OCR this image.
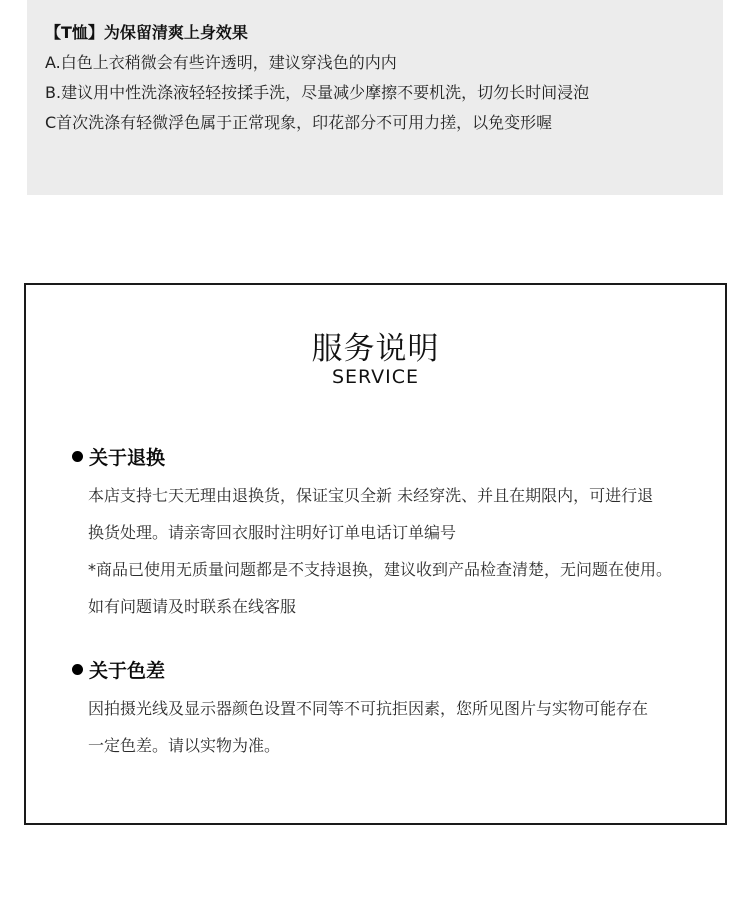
【T恤】为保留清爽上身效果
A.白色上衣稍微会有些许透明，建议穿浅色的内内
B.建议用中性洗涤液轻轻按揉手洗，尽量减少摩擦不要机洗，切勿长时间浸泡
C首次洗涤有轻微浮色属于正常现象，印花部分不可用力搓，以免变形喔
服务说明
SERVICE
关于退换
本店支持七天无理由退换货，保证宝贝全新 未经穿洗、并且在期限内，可进行退
换货处理。请亲寄回衣服时注明好订单电话订单编号
*商品已使用无质量问题都是不支持退换，建议收到产品检查清楚，无问题在使用。
如有问题请及时联系在线客服
关于色差
因拍摄光线及显示器颜色设置不同等不可抗拒因素，您所见图片与实物可能存在
一定色差。请以实物为准。
